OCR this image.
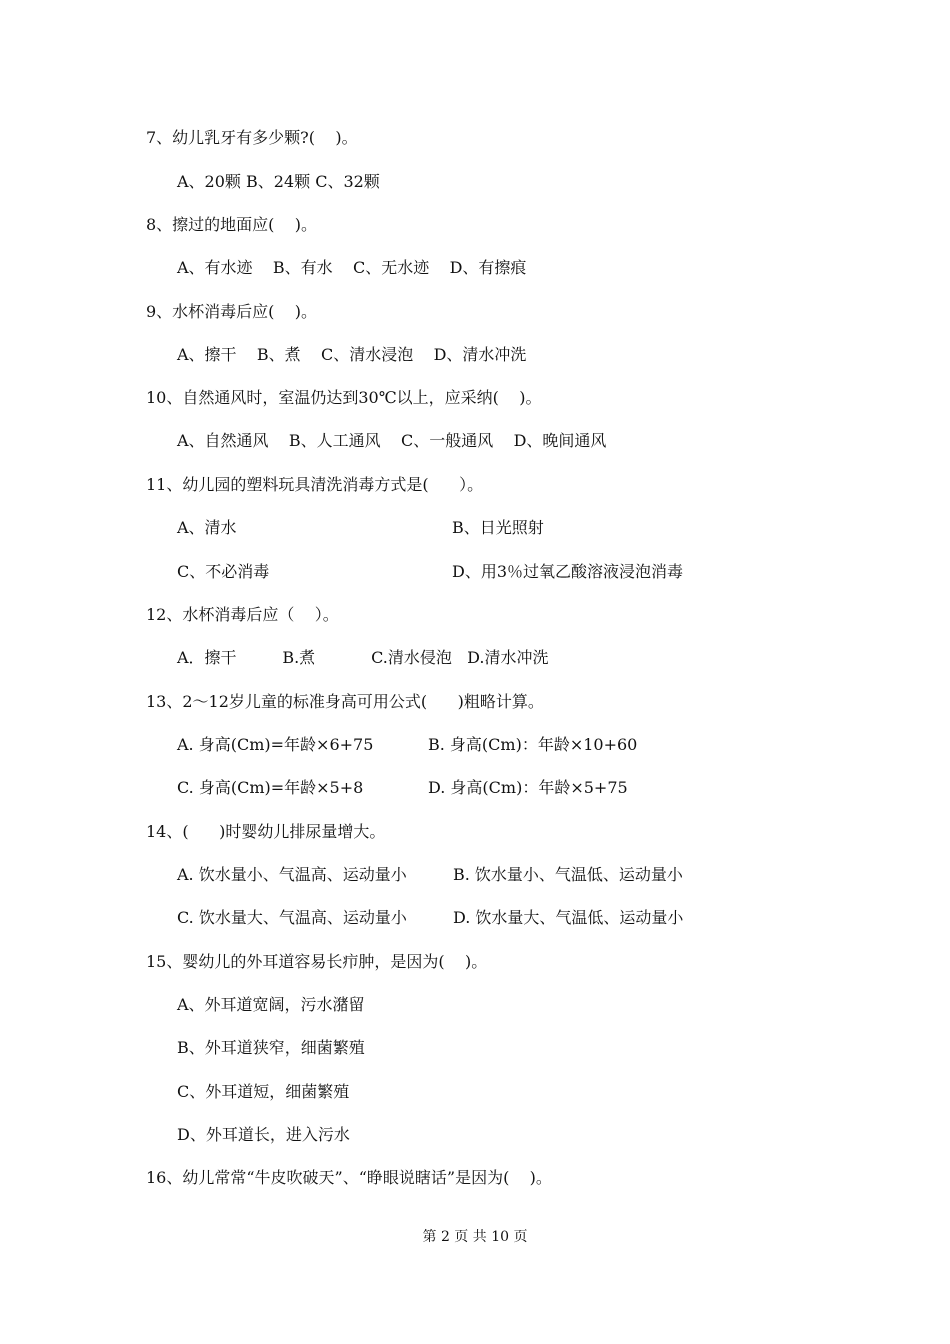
7、幼儿乳牙有多少颗?(    )。
A、20颗 B、24颗 C、32颗
8、擦过的地面应(    )。
A、有水迹    B、有水    C、无水迹    D、有擦痕
9、水杯消毒后应(    )。
A、擦干    B、煮    C、清水浸泡    D、清水冲洗
10、自然通风时，室温仍达到30℃以上，应采纳(    )。
A、自然通风    B、人工通风    C、一般通风    D、晚间通风
11、幼儿园的塑料玩具清洗消毒方式是(      ）。
A、清水	B、日光照射
C、不必消毒	D、用3％过氧乙酸溶液浸泡消毒
12、水杯消毒后应（    ）。
A．擦干         B.煮           C.清水侵泡   D.清水冲洗
13、2～12岁儿童的标准身高可用公式(      )粗略计算。
A. 身高(Cm)=年龄×6+75	B. 身高(Cm)：年龄×10+60
C. 身高(Cm)=年龄×5+8	D. 身高(Cm)：年龄×5+75
14、(      )时婴幼儿排尿量增大。
A. 饮水量小、气温高、运动量小	B. 饮水量小、气温低、运动量小
C. 饮水量大、气温高、运动量小	D. 饮水量大、气温低、运动量小
15、婴幼儿的外耳道容易长疖肿，是因为(    )。
A、外耳道宽阔，污水潴留
B、外耳道狭窄，细菌繁殖
C、外耳道短，细菌繁殖
D、外耳道长，进入污水
16、幼儿常常“牛皮吹破天”、“睁眼说瞎话”是因为(    )。
第 2 页 共 10 页
